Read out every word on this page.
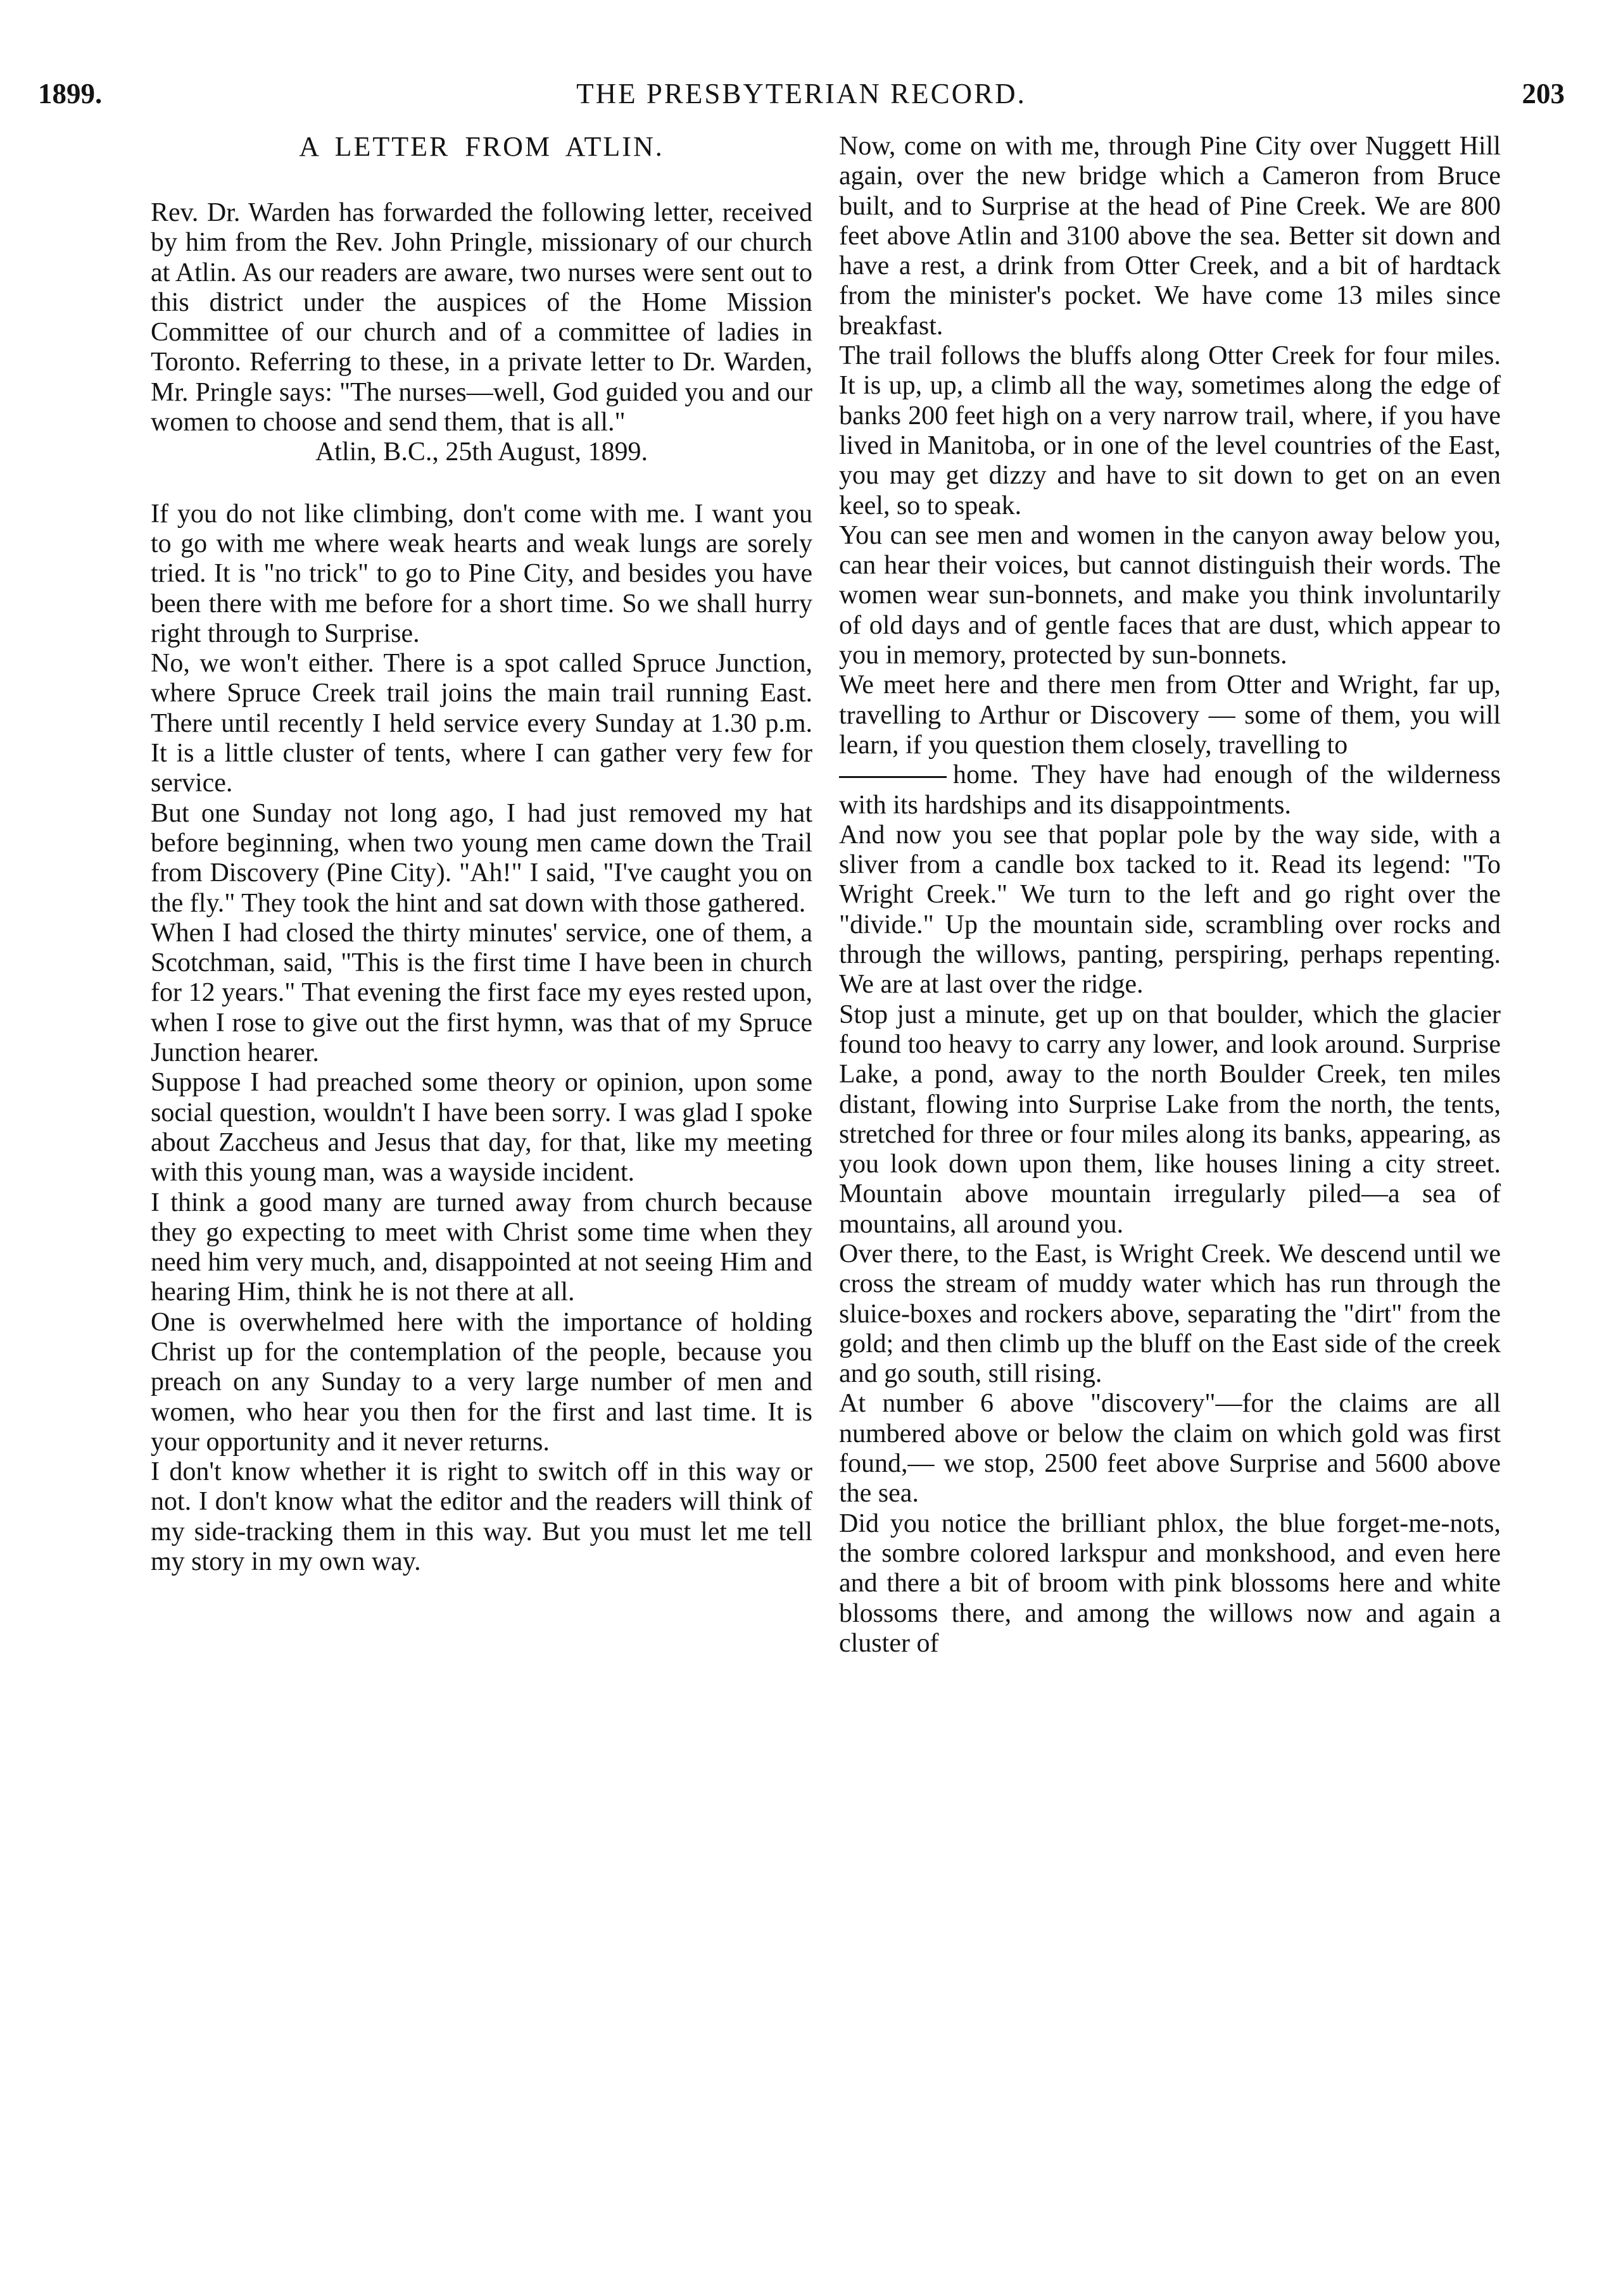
1899.	THE PRESBYTERIAN RECORD.	203
A LETTER FROM ATLIN.

Rev. Dr. Warden has forwarded the following letter, received by him from the Rev. John Pringle, missionary of our church at Atlin. As our readers are aware, two nurses were sent out to this district under the auspices of the Home Mission Committee of our church and of a committee of ladies in Toronto. Referring to these, in a private letter to Dr. Warden, Mr. Pringle says: "The nurses—well, God guided you and our women to choose and send them, that is all."

Atlin, B.C., 25th August, 1899.

If you do not like climbing, don't come with me. I want you to go with me where weak hearts and weak lungs are sorely tried. It is "no trick" to go to Pine City, and besides you have been there with me before for a short time. So we shall hurry right through to Surprise.

No, we won't either. There is a spot called Spruce Junction, where Spruce Creek trail joins the main trail running East. There until recently I held service every Sunday at 1.30 p.m. It is a little cluster of tents, where I can gather very few for service.

But one Sunday not long ago, I had just removed my hat before beginning, when two young men came down the Trail from Discovery (Pine City). "Ah!" I said, "I've caught you on the fly." They took the hint and sat down with those gathered.

When I had closed the thirty minutes' service, one of them, a Scotchman, said, "This is the first time I have been in church for 12 years." That evening the first face my eyes rested upon, when I rose to give out the first hymn, was that of my Spruce Junction hearer.

Suppose I had preached some theory or opinion, upon some social question, wouldn't I have been sorry. I was glad I spoke about Zaccheus and Jesus that day, for that, like my meeting with this young man, was a wayside incident.

I think a good many are turned away from church because they go expecting to meet with Christ some time when they need him very much, and, disappointed at not seeing Him and hearing Him, think he is not there at all.

One is overwhelmed here with the importance of holding Christ up for the contemplation of the people, because you preach on any Sunday to a very large number of men and women, who hear you then for the first and last time. It is your opportunity and it never returns.

I don't know whether it is right to switch off in this way or not. I don't know what the editor and the readers will think of my side-tracking them in this way. But you must let me tell my story in my own way.

Now, come on with me, through Pine City over Nuggett Hill again, over the new bridge which a Cameron from Bruce built, and to Surprise at the head of Pine Creek. We are 800 feet above Atlin and 3100 above the sea. Better sit down and have a rest, a drink from Otter Creek, and a bit of hardtack from the minister's pocket. We have come 13 miles since breakfast.

The trail follows the bluffs along Otter Creek for four miles. It is up, up, a climb all the way, sometimes along the edge of banks 200 feet high on a very narrow trail, where, if you have lived in Manitoba, or in one of the level countries of the East, you may get dizzy and have to sit down to get on an even keel, so to speak.

You can see men and women in the canyon away below you, can hear their voices, but cannot distinguish their words. The women wear sun-bonnets, and make you think involuntarily of old days and of gentle faces that are dust, which appear to you in memory, protected by sun-bonnets.

We meet here and there men from Otter and Wright, far up, travelling to Arthur or Discovery — some of them, you will learn, if you question them closely, travelling to

home. They have had enough of the wilderness with its hardships and its disappointments.

And now you see that poplar pole by the way side, with a sliver from a candle box tacked to it. Read its legend: "To Wright Creek." We turn to the left and go right over the "divide." Up the mountain side, scrambling over rocks and through the willows, panting, perspiring, perhaps repenting. We are at last over the ridge.

Stop just a minute, get up on that boulder, which the glacier found too heavy to carry any lower, and look around. Surprise Lake, a pond, away to the north Boulder Creek, ten miles distant, flowing into Surprise Lake from the north, the tents, stretched for three or four miles along its banks, appearing, as you look down upon them, like houses lining a city street. Mountain above mountain irregularly piled—a sea of mountains, all around you.

Over there, to the East, is Wright Creek. We descend until we cross the stream of muddy water which has run through the sluice-boxes and rockers above, separating the "dirt" from the gold; and then climb up the bluff on the East side of the creek and go south, still rising.

At number 6 above "discovery"—for the claims are all numbered above or below the claim on which gold was first found,— we stop, 2500 feet above Surprise and 5600 above the sea.

Did you notice the brilliant phlox, the blue forget-me-nots, the sombre colored larkspur and monkshood, and even here and there a bit of broom with pink blossoms here and white blossoms there, and among the willows now and again a cluster of
